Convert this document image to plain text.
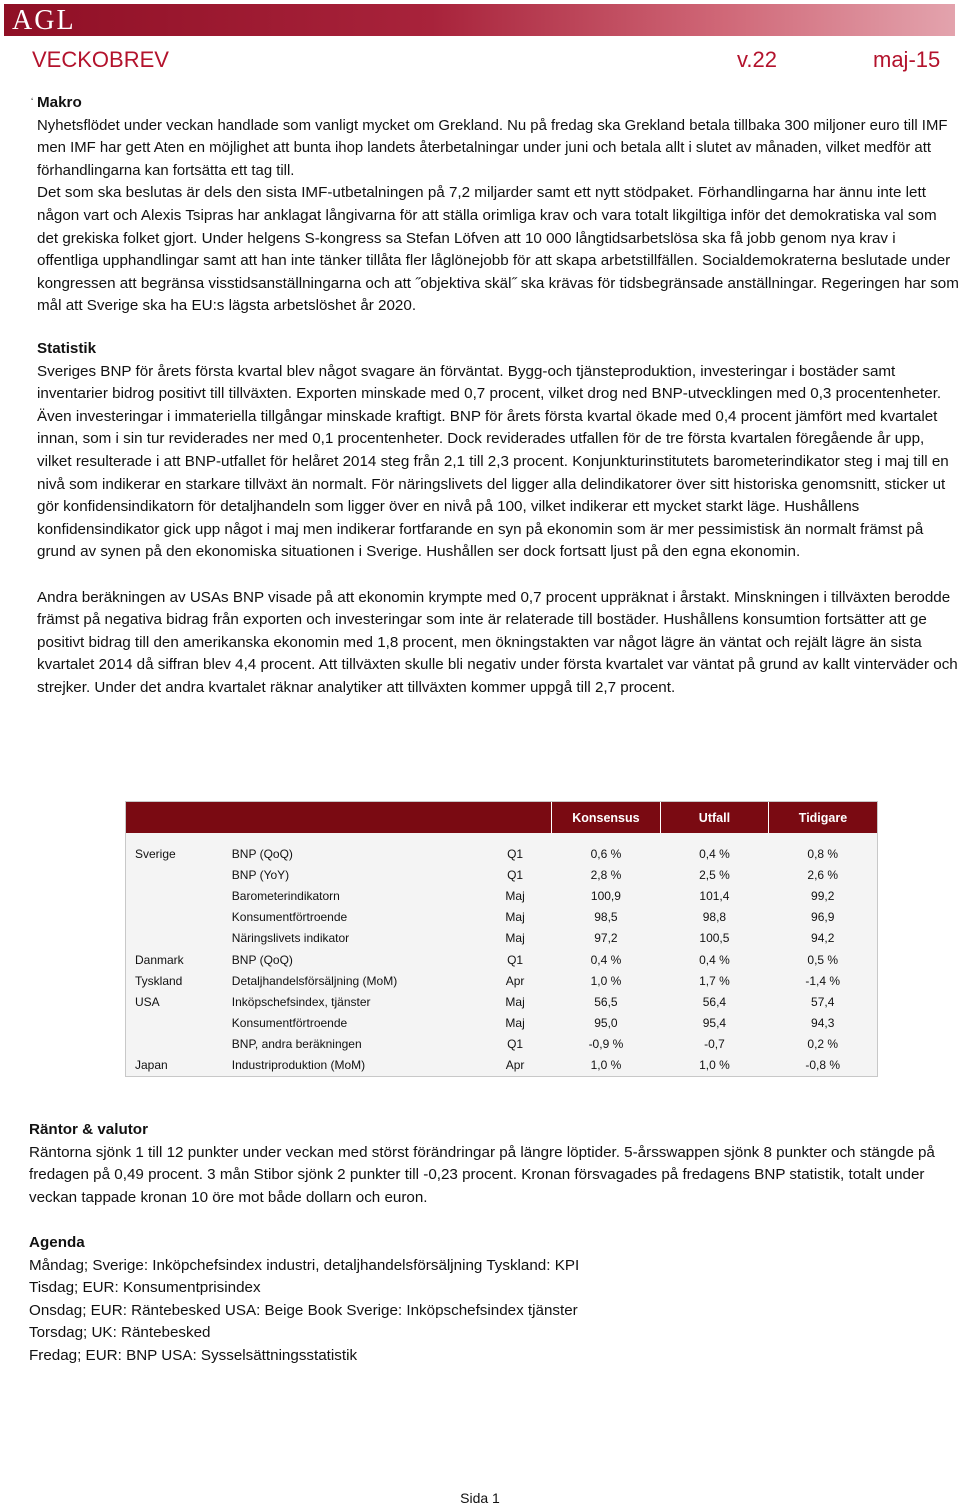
AGL
VECKOBREV	v.22	maj-15
ʻ Makro

Nyhetsflödet under veckan handlade som vanligt mycket om Grekland. Nu på fredag ska Grekland betala tillbaka 300 miljoner euro till IMF men IMF har gett Aten en möjlighet att bunta ihop landets återbetalningar under juni och betala allt i slutet av månaden, vilket medför att förhandlingarna kan fortsätta ett tag till.

Det som ska beslutas är dels den sista IMF-utbetalningen på 7,2 miljarder samt ett nytt stödpaket. Förhandlingarna har ännu inte lett någon vart och Alexis Tsipras har anklagat långivarna för att ställa orimliga krav och vara totalt likgiltiga inför det demokratiska val som det grekiska folket gjort. Under helgens S-kongress sa Stefan Löfven att 10 000 långtidsarbetslösa ska få jobb genom nya krav i offentliga upphandlingar samt att han inte tänker tillåta fler låglönejobb för att skapa arbetstillfällen. Socialdemokraterna beslutade under kongressen att begränsa visstidsanställningarna och att ˝objektiva skäl˝ ska krävas för tidsbegränsade anställningar. Regeringen har som mål att Sverige ska ha EU:s lägsta arbetslöshet år 2020.

Statistik

Sveriges BNP för årets första kvartal blev något svagare än förväntat. Bygg-och tjänsteproduktion, investeringar i bostäder samt inventarier bidrog positivt till tillväxten. Exporten minskade med 0,7 procent, vilket drog ned BNP-utvecklingen med 0,3 procentenheter. Även investeringar i immateriella tillgångar minskade kraftigt. BNP för årets första kvartal ökade med 0,4 procent jämfört med kvartalet innan, som i sin tur reviderades ner med 0,1 procentenheter. Dock reviderades utfallen för de tre första kvartalen föregående år upp, vilket resulterade i att BNP-utfallet för helåret 2014 steg från 2,1 till 2,3 procent. Konjunkturinstitutets barometerindikator steg i maj till en nivå som indikerar en starkare tillväxt än normalt. För näringslivets del ligger alla delindikatorer över sitt historiska genomsnitt, sticker ut gör konfidensindikatorn för detaljhandeln som ligger över en nivå på 100, vilket indikerar ett mycket starkt läge. Hushållens konfidensindikator gick upp något i maj men indikerar fortfarande en syn på ekonomin som är mer pessimistisk än normalt främst på grund av synen på den ekonomiska situationen i Sverige. Hushållen ser dock fortsatt ljust på den egna ekonomin.

Andra beräkningen av USAs BNP visade på att ekonomin krympte med 0,7 procent uppräknat i årstakt. Minskningen i tillväxten berodde främst på negativa bidrag från exporten och investeringar som inte är relaterade till bostäder. Hushållens konsumtion fortsätter att ge positivt bidrag till den amerikanska ekonomin med 1,8 procent, men ökningstakten var något lägre än väntat och rejält lägre än sista kvartalet 2014 då siffran blev 4,4 procent. Att tillväxten skulle bli negativ under första kvartalet var väntat på grund av kallt vinterväder och strejker. Under det andra kvartalet räknar analytiker att tillväxten kommer uppgå till 2,7 procent.

			Konsensus	Utfall	Tidigare

Sverige	BNP (QoQ)	Q1	0,6 %	0,4 %	0,8 %
	BNP (YoY)	Q1	2,8 %	2,5 %	2,6 %
	Barometerindikatorn	Maj	100,9	101,4	99,2
	Konsumentförtroende	Maj	98,5	98,8	96,9
	Näringslivets indikator	Maj	97,2	100,5	94,2
Danmark	BNP (QoQ)	Q1	0,4 %	0,4 %	0,5 %
Tyskland	Detaljhandelsförsäljning (MoM)	Apr	1,0 %	1,7 %	-1,4 %
USA	Inköpschefsindex, tjänster	Maj	56,5	56,4	57,4
	Konsumentförtroende	Maj	95,0	95,4	94,3
	BNP, andra beräkningen	Q1	-0,9 %	-0,7	0,2 %
Japan	Industriproduktion (MoM)	Apr	1,0 %	1,0 %	-0,8 %

Räntor & valutor

Räntorna sjönk 1 till 12 punkter under veckan med störst förändringar på längre löptider. 5-årsswappen sjönk 8 punkter och stängde på fredagen på 0,49 procent. 3 mån Stibor sjönk 2 punkter till -0,23 procent. Kronan försvagades på fredagens BNP statistik, totalt under veckan tappade kronan 10 öre mot både dollarn och euron.

Agenda

Måndag; Sverige: Inköpchefsindex industri, detaljhandelsförsäljning Tyskland: KPI

Tisdag; EUR: Konsumentprisindex

Onsdag; EUR: Räntebesked USA: Beige Book Sverige: Inköpschefsindex tjänster

Torsdag; UK: Räntebesked

Fredag; EUR: BNP USA: Sysselsättningsstatistik

Sida 1
